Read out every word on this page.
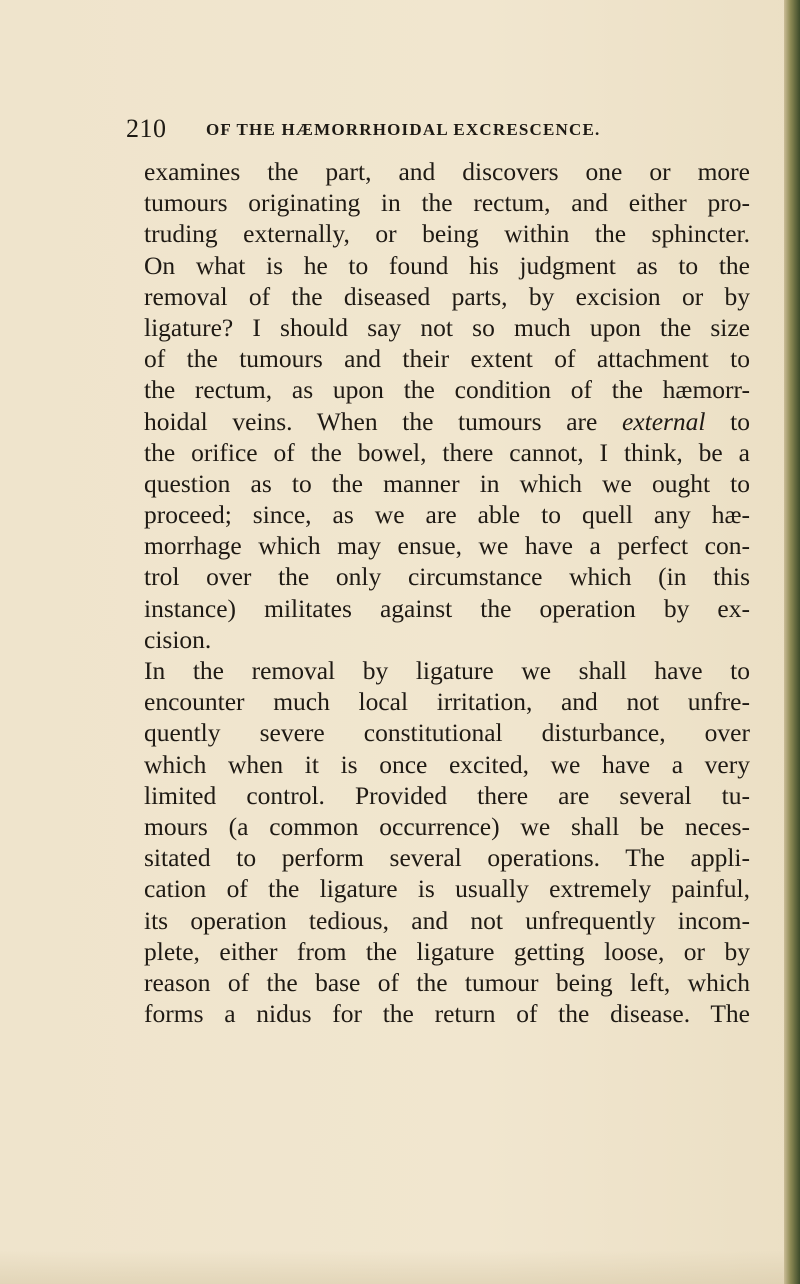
210 OF THE HÆMORRHOIDAL EXCRESCENCE.
examines the part, and discovers one or more
tumours originating in the rectum, and either pro-
truding externally, or being within the sphincter.
On what is he to found his judgment as to the
removal of the diseased parts, by excision or by
ligature? I should say not so much upon the size
of the tumours and their extent of attachment to
the rectum, as upon the condition of the hæmorr-
hoidal veins. When the tumours are external to
the orifice of the bowel, there cannot, I think, be a
question as to the manner in which we ought to
proceed; since, as we are able to quell any hæ-
morrhage which may ensue, we have a perfect con-
trol over the only circumstance which (in this
instance) militates against the operation by ex-
cision.
In the removal by ligature we shall have to
encounter much local irritation, and not unfre-
quently severe constitutional disturbance, over
which when it is once excited, we have a very
limited control. Provided there are several tu-
mours (a common occurrence) we shall be neces-
sitated to perform several operations. The appli-
cation of the ligature is usually extremely painful,
its operation tedious, and not unfrequently incom-
plete, either from the ligature getting loose, or by
reason of the base of the tumour being left, which
forms a nidus for the return of the disease. The
